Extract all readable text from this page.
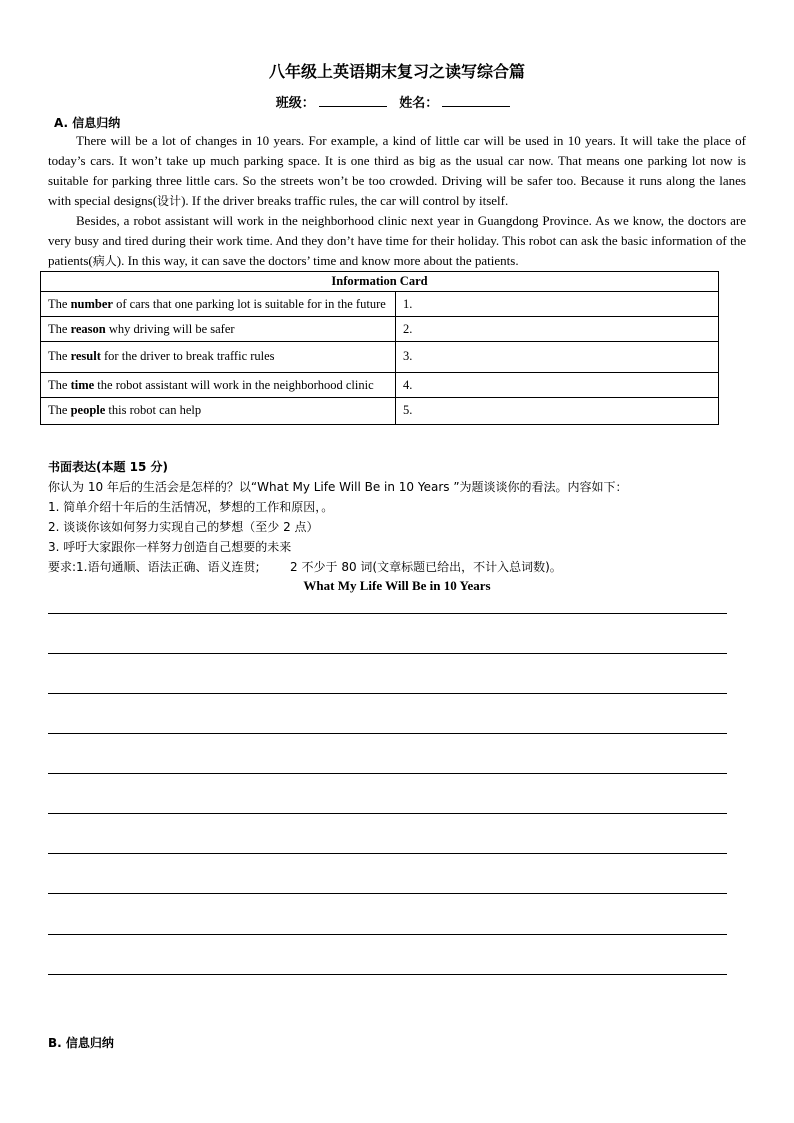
八年级上英语期末复习之读写综合篇
班级：	姓名：
A. 信息归纳

There will be a lot of changes in 10 years. For example, a kind of little car will be used in 10 years. It will take the place of today’s cars. It won’t take up much parking space. It is one third as big as the usual car now. That means one parking lot now is suitable for parking three little cars. So the streets won’t be too crowded. Driving will be safer too. Because it runs along the lanes with special designs(设计). If the driver breaks traffic rules, the car will control by itself.

Besides, a robot assistant will work in the neighborhood clinic next year in Guangdong Province. As we know, the doctors are very busy and tired during their work time. And they don’t have time for their holiday. This robot can ask the basic information of the patients(病人). In this way, it can save the doctors’ time and know more about the patients.

Information Card	
The number of cars that one parking lot is suitable for in the future	1.
The reason why driving will be safer	2.
The result for the driver to break traffic rules	3.
The time the robot assistant will work in the neighborhood clinic	4.
The people this robot can help	5.
书面表达(本题 15 分)
你认为 10 年后的生活会是怎样的？以“What My Life Will Be in 10 Years ”为题谈谈你的看法。内容如下：
1. 简单介绍十年后的生活情况，梦想的工作和原因，。
2. 谈谈你该如何努力实现自己的梦想（至少 2 点）
3. 呼吁大家跟你一样努力创造自己想要的未来
要求:1.语句通顺、语法正确、语义连贯;        2 不少于 80 词(文章标题已给出，不计入总词数)。
What My Life Will Be in 10 Years
B. 信息归纳
